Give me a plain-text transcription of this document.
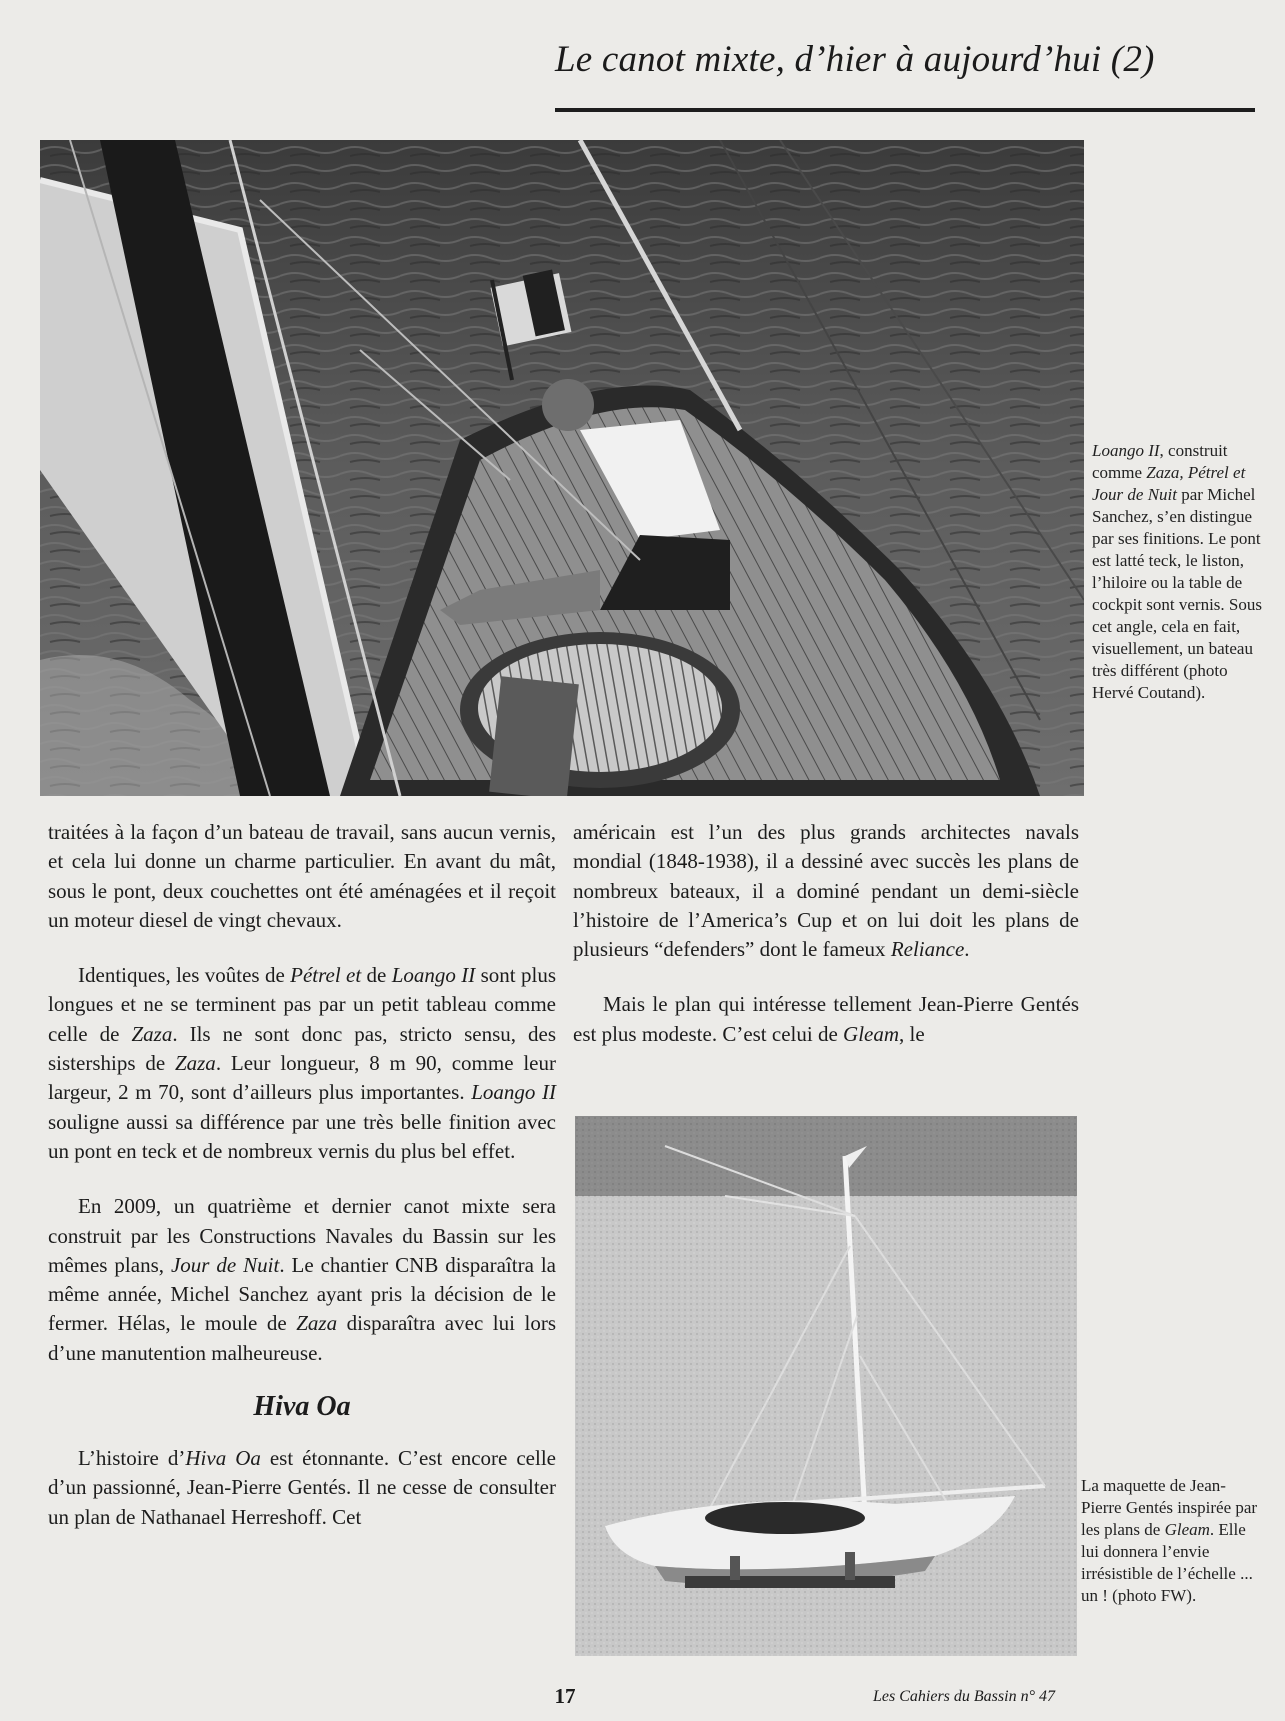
Le canot mixte, d’hier à aujourd’hui (2)

Loango II, construit comme Zaza, Pétrel et Jour de Nuit par Michel Sanchez, s’en distingue par ses finitions. Le pont est latté teck, le liston, l’hiloire ou la table de cockpit sont vernis. Sous cet angle, cela en fait, visuellement, un bateau très différent (photo Hervé Coutand).

traitées à la façon d’un bateau de travail, sans aucun vernis, et cela lui donne un charme particulier. En avant du mât, sous le pont, deux couchettes ont été aménagées et il reçoit un moteur diesel de vingt chevaux.

Identiques, les voûtes de Pétrel et de Loango II sont plus longues et ne se terminent pas par un petit tableau comme celle de Zaza. Ils ne sont donc pas, stricto sensu, des sisterships de Zaza. Leur longueur, 8 m 90, comme leur largeur, 2 m 70, sont d’ailleurs plus importantes. Loango II souligne aussi sa différence par une très belle finition avec un pont en teck et de nombreux vernis du plus bel effet.

En 2009, un quatrième et dernier canot mixte sera construit par les Constructions Navales du Bassin sur les mêmes plans, Jour de Nuit. Le chantier CNB disparaîtra la même année, Michel Sanchez ayant pris la décision de le fermer. Hélas, le moule de Zaza disparaîtra avec lui lors d’une manutention malheureuse.

Hiva Oa

L’histoire d’Hiva Oa est étonnante. C’est encore celle d’un passionné, Jean-Pierre Gentés. Il ne cesse de consulter un plan de Nathanael Herreshoff. Cet

américain est l’un des plus grands architectes navals mondial (1848-1938), il a dessiné avec succès les plans de nombreux bateaux, il a dominé pendant un demi-siècle l’histoire de l’America’s Cup et on lui doit les plans de plusieurs “defenders” dont le fameux Reliance.

Mais le plan qui intéresse tellement Jean-Pierre Gentés est plus modeste. C’est celui de Gleam, le

La maquette de Jean-Pierre Gentés inspirée par les plans de Gleam. Elle lui donnera l’envie irrésistible de l’échelle ... un ! (photo FW).

17	Les Cahiers du Bassin n° 47
